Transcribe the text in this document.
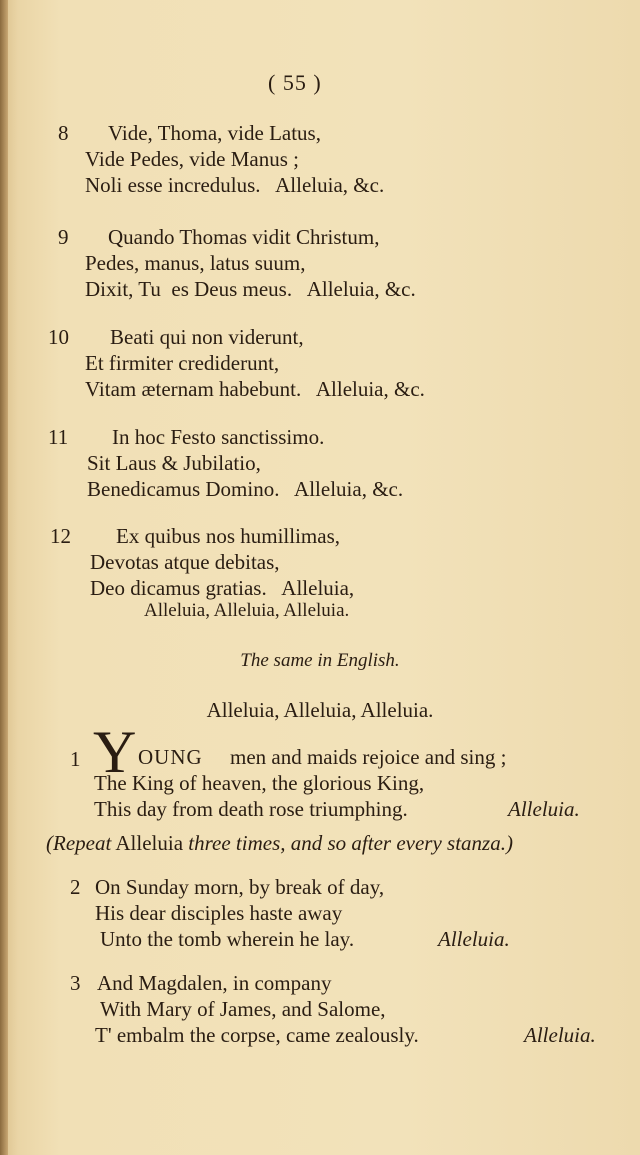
( 55 )
8 Vide, Thoma, vide Latus,
Vide Pedes, vide Manus ;
Noli esse incredulus.   Alleluia, &c.
9 Quando Thomas vidit Christum,
Pedes, manus, latus suum,
Dixit, Tu  es Deus meus.   Alleluia, &c.
10 Beati qui non viderunt,
Et firmiter crediderunt,
Vitam æternam habebunt.   Alleluia, &c.
11 In hoc Festo sanctissimo.
Sit Laus & Jubilatio,
Benedicamus Domino.   Alleluia, &c.
12 Ex quibus nos humillimas,
Devotas atque debitas,
Deo dicamus gratias.   Alleluia,
Alleluia, Alleluia, Alleluia.
The same in English.
Alleluia, Alleluia, Alleluia.
1 Y OUNG men and maids rejoice and sing ;
The King of heaven, the glorious King,
This day from death rose triumphing.	Alleluia.
(Repeat Alleluia three times, and so after every stanza.)
2 On Sunday morn, by break of day,
His dear disciples haste away
Unto the tomb wherein he lay.	Alleluia.
3 And Magdalen, in company
With Mary of James, and Salome,
T' embalm the corpse, came zealously.	Alleluia.
